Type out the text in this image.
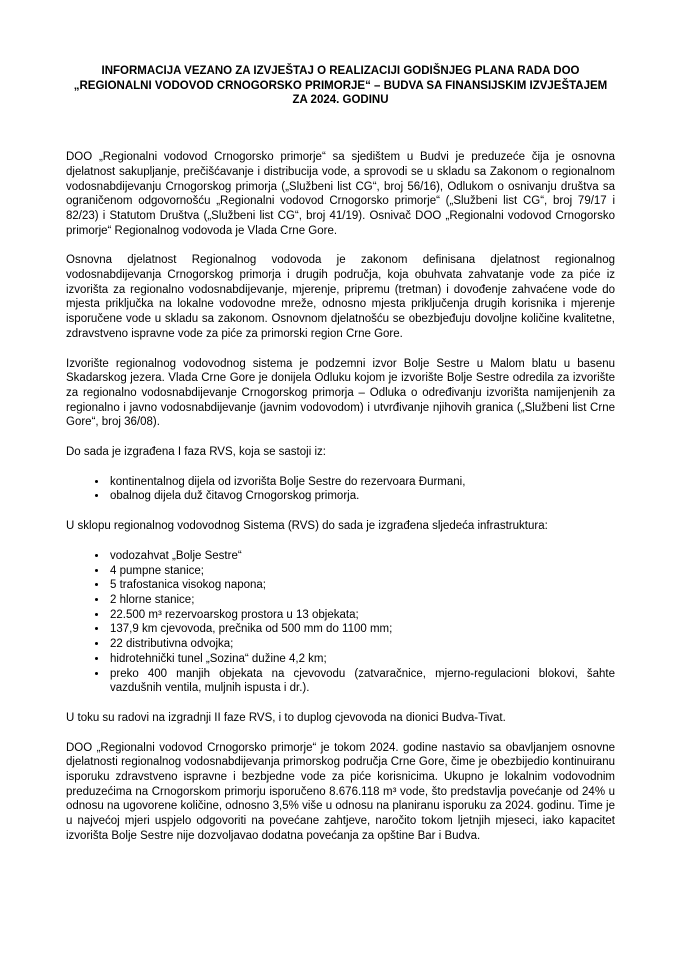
INFORMACIJA VEZANO ZA IZVJEŠTAJ O REALIZACIJI GODIŠNJEG PLANA RADA DOO „REGIONALNI VODOVOD CRNOGORSKO PRIMORJE“ – BUDVA SA FINANSIJSKIM IZVJEŠTAJEM ZA 2024. GODINU

DOO „Regionalni vodovod Crnogorsko primorje“ sa sjedištem u Budvi je preduzeće čija je osnovna djelatnost sakupljanje, prečišćavanje i distribucija vode, a sprovodi se u skladu sa Zakonom o regionalnom vodosnabdijevanju Crnogorskog primorja („Službeni list CG“, broj 56/16), Odlukom o osnivanju društva sa ograničenom odgovornošću „Regionalni vodovod Crnogorsko primorje“ („Službeni list CG“, broj 79/17 i 82/23) i Statutom Društva („Službeni list CG“, broj 41/19). Osnivač DOO „Regionalni vodovod Crnogorsko primorje“ Regionalnog vodovoda je Vlada Crne Gore.

Osnovna djelatnost Regionalnog vodovoda je zakonom definisana djelatnost regionalnog vodosnabdijevanja Crnogorskog primorja i drugih područja, koja obuhvata zahvatanje vode za piće iz izvorišta za regionalno vodosnabdijevanje, mjerenje, pripremu (tretman) i dovođenje zahvaćene vode do mjesta priključka na lokalne vodovodne mreže, odnosno mjesta priključenja drugih korisnika i mjerenje isporučene vode u skladu sa zakonom. Osnovnom djelatnošću se obezbjeđuju dovoljne količine kvalitetne, zdravstveno ispravne vode za piće za primorski region Crne Gore.

Izvorište regionalnog vodovodnog sistema je podzemni izvor Bolje Sestre u Malom blatu u basenu Skadarskog jezera. Vlada Crne Gore je donijela Odluku kojom je izvorište Bolje Sestre odredila za izvorište za regionalno vodosnabdijevanje Crnogorskog primorja – Odluka o određivanju izvorišta namijenjenih za regionalno i javno vodosnabdijevanje (javnim vodovodom) i utvrđivanje njihovih granica („Službeni list Crne Gore“, broj 36/08).

Do sada je izgrađena I faza RVS, koja se sastoji iz:

• kontinentalnog dijela od izvorišta Bolje Sestre do rezervoara Đurmani,
• obalnog dijela duž čitavog Crnogorskog primorja.

U sklopu regionalnog vodovodnog Sistema (RVS) do sada je izgrađena sljedeća infrastruktura:

• vodozahvat „Bolje Sestre“
• 4 pumpne stanice;
• 5 trafostanica visokog napona;
• 2 hlorne stanice;
• 22.500 m³ rezervoarskog prostora u 13 objekata;
• 137,9 km cjevovoda, prečnika od 500 mm do 1100 mm;
• 22 distributivna odvojka;
• hidrotehnički tunel „Sozina“ dužine 4,2 km;
• preko 400 manjih objekata na cjevovodu (zatvaračnice, mjerno-regulacioni blokovi, šahte vazdušnih ventila, muljnih ispusta i dr.).

U toku su radovi na izgradnji II faze RVS, i to duplog cjevovoda na dionici Budva-Tivat.

DOO „Regionalni vodovod Crnogorsko primorje“ je tokom 2024. godine nastavio sa obavljanjem osnovne djelatnosti regionalnog vodosnabdijevanja primorskog područja Crne Gore, čime je obezbijedio kontinuiranu isporuku zdravstveno ispravne i bezbjedne vode za piće korisnicima. Ukupno je lokalnim vodovodnim preduzećima na Crnogorskom primorju isporučeno 8.676.118 m³ vode, što predstavlja povećanje od 24% u odnosu na ugovorene količine, odnosno 3,5% više u odnosu na planiranu isporuku za 2024. godinu. Time je u najvećoj mjeri uspjelo odgovoriti na povećane zahtjeve, naročito tokom ljetnjih mjeseci, iako kapacitet izvorišta Bolje Sestre nije dozvoljavao dodatna povećanja za opštine Bar i Budva.
